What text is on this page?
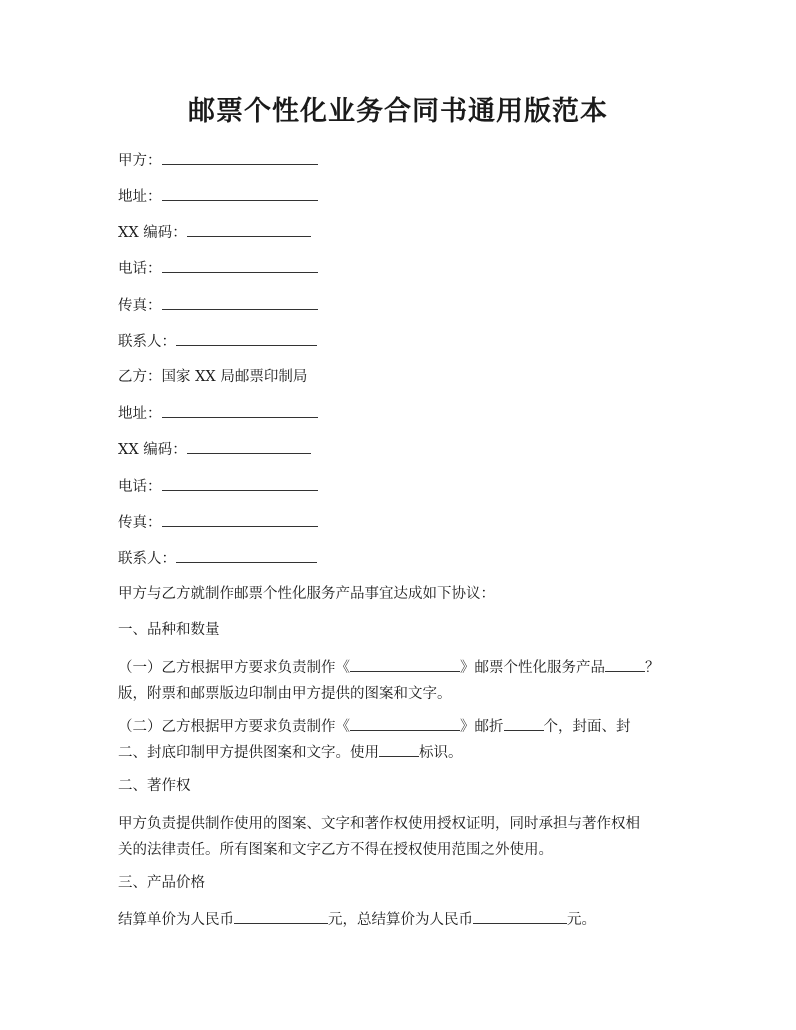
邮票个性化业务合同书通用版范本
甲方：
地址：
XX 编码：
电话：
传真：
联系人：
乙方：国家 XX 局邮票印制局
地址：
XX 编码：
电话：
传真：
联系人：
甲方与乙方就制作邮票个性化服务产品事宜达成如下协议：
一、品种和数量
（一）乙方根据甲方要求负责制作《	》邮票个性化服务产品	？
版，附票和邮票版边印制由甲方提供的图案和文字。
（二）乙方根据甲方要求负责制作《	》邮折	个，封面、封
二、封底印制甲方提供图案和文字。使用	标识。
二、著作权
甲方负责提供制作使用的图案、文字和著作权使用授权证明，同时承担与著作权相
关的法律责任。所有图案和文字乙方不得在授权使用范围之外使用。
三、产品价格
结算单价为人民币	元，总结算价为人民币	元。
